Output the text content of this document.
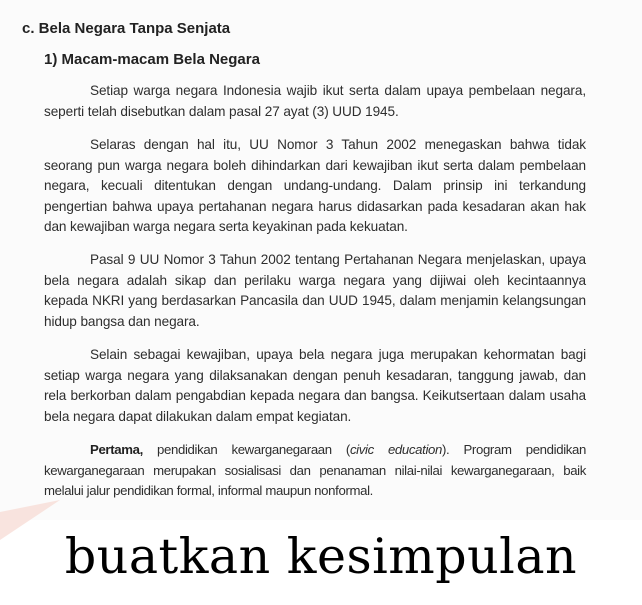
c. Bela Negara Tanpa Senjata
1) Macam-macam Bela Negara

Setiap warga negara Indonesia wajib ikut serta dalam upaya pembelaan negara, seperti telah disebutkan dalam pasal 27 ayat (3) UUD 1945.

Selaras dengan hal itu, UU Nomor 3 Tahun 2002 menegaskan bahwa tidak seorang pun warga negara boleh dihindarkan dari kewajiban ikut serta dalam pembelaan negara, kecuali ditentukan dengan undang-undang. Dalam prinsip ini terkandung pengertian bahwa upaya pertahanan negara harus didasarkan pada kesadaran akan hak dan kewajiban warga negara serta keyakinan pada kekuatan.

Pasal 9 UU Nomor 3 Tahun 2002 tentang Pertahanan Negara menjelaskan, upaya bela negara adalah sikap dan perilaku warga negara yang dijiwai oleh kecintaannya kepada NKRI yang berdasarkan Pancasila dan UUD 1945, dalam menjamin kelangsungan hidup bangsa dan negara.

Selain sebagai kewajiban, upaya bela negara juga merupakan kehormatan bagi setiap warga negara yang dilaksanakan dengan penuh kesadaran, tanggung jawab, dan rela berkorban dalam pengabdian kepada negara dan bangsa. Keikutsertaan dalam usaha bela negara dapat dilakukan dalam empat kegiatan.

Pertama, pendidikan kewarganegaraan (civic education). Program pendidikan kewarganegaraan merupakan sosialisasi dan penanaman nilai-nilai kewarganegaraan, baik melalui jalur pendidikan formal, informal maupun nonformal.

buatkan kesimpulan
